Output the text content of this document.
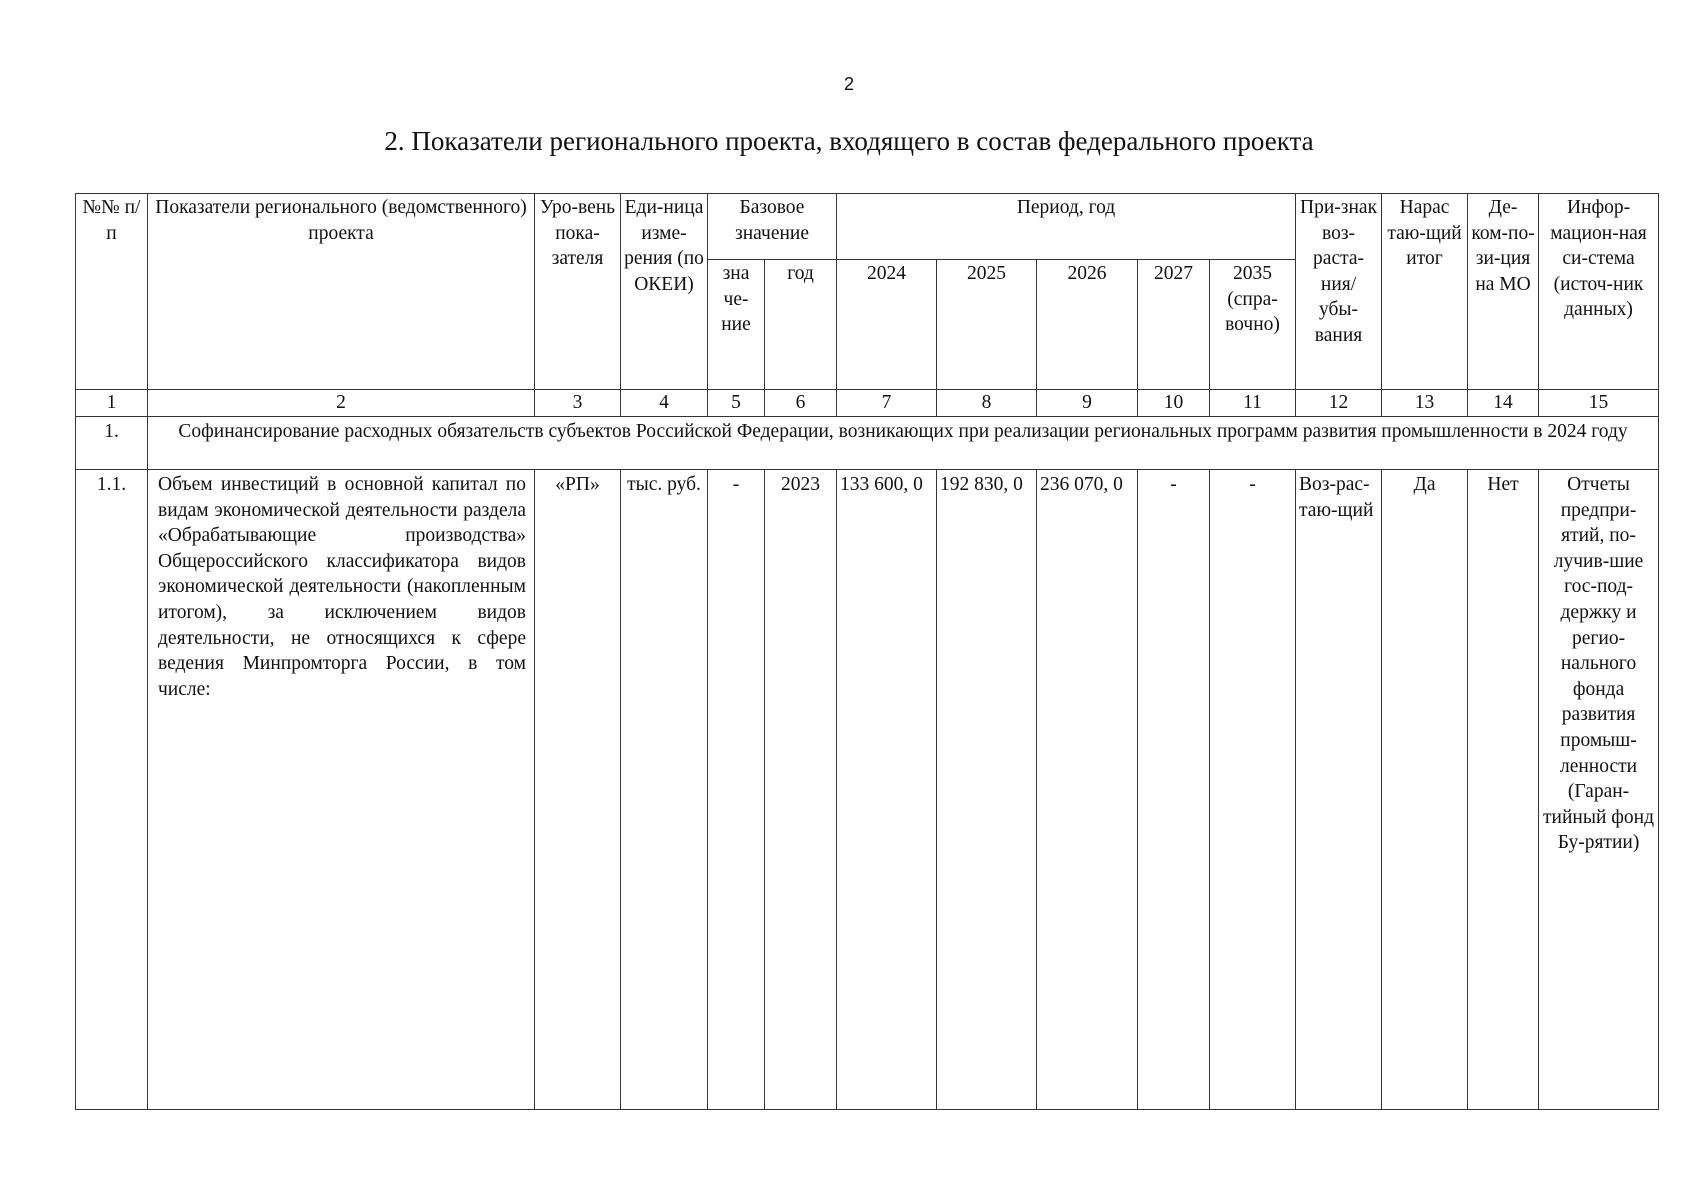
2
2. Показатели регионального проекта, входящего в состав федерального проекта
№№ п/п	Показатели регионального (ведомственного) проекта	Уро-вень пока-зателя	Еди-ница изме-рения (по ОКЕИ)	Базовое значение		Период, год					При-знак воз-раста-ния/ убы-вания	Нарас таю-щий итог	Де-ком-по-зи-ция на МО	Инфор-мацион-ная си-стема (источ-ник данных)
				зна че-ние	год	2024	2025	2026	2027	2035 (спра-вочно)				
1	2	3	4	5	6	7	8	9	10	11	12	13	14	15
1.	Софинансирование расходных обязательств субъектов Российской Федерации, возникающих при реализации региональных программ развития промышленности в 2024 году													
1.1.	Объем инвестиций в основной капитал по видам экономической деятельности раздела «Обрабатывающие производства» Общероссийского классификатора видов экономической деятельности (накопленным итогом), за исключением видов деятельности, не относящихся к сфере ведения Минпромторга России, в том числе:	«РП»	тыс. руб.	-	2023	133 600, 0	192 830, 0	236 070, 0	-	-	Воз-рас-таю-щий	Да	Нет	Отчеты предпри-ятий, по-лучив-шие гос-под-держку и регио-нального фонда развития промыш-ленности (Гаран-тийный фонд Бу-рятии)
